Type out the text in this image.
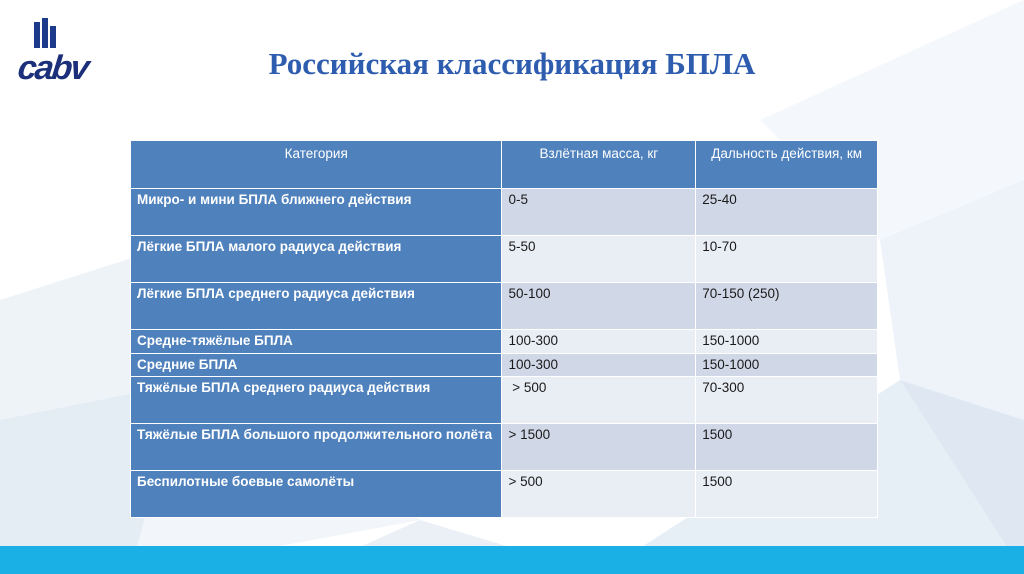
cabv	Российская классификация БПЛА
Категория	Взлётная масса, кг	Дальность действия, км
Микро- и мини БПЛА ближнего действия	0-5	25-40
Лёгкие БПЛА малого радиуса действия	5-50	10-70
Лёгкие БПЛА среднего радиуса действия	50-100	70-150 (250)
Средне-тяжёлые БПЛА	100-300	150-1000
Средние БПЛА	100-300	150-1000
Тяжёлые БПЛА среднего радиуса действия	> 500	70-300
Тяжёлые БПЛА большого продолжительного полёта	> 1500	1500
Беспилотные боевые самолёты	> 500	1500
